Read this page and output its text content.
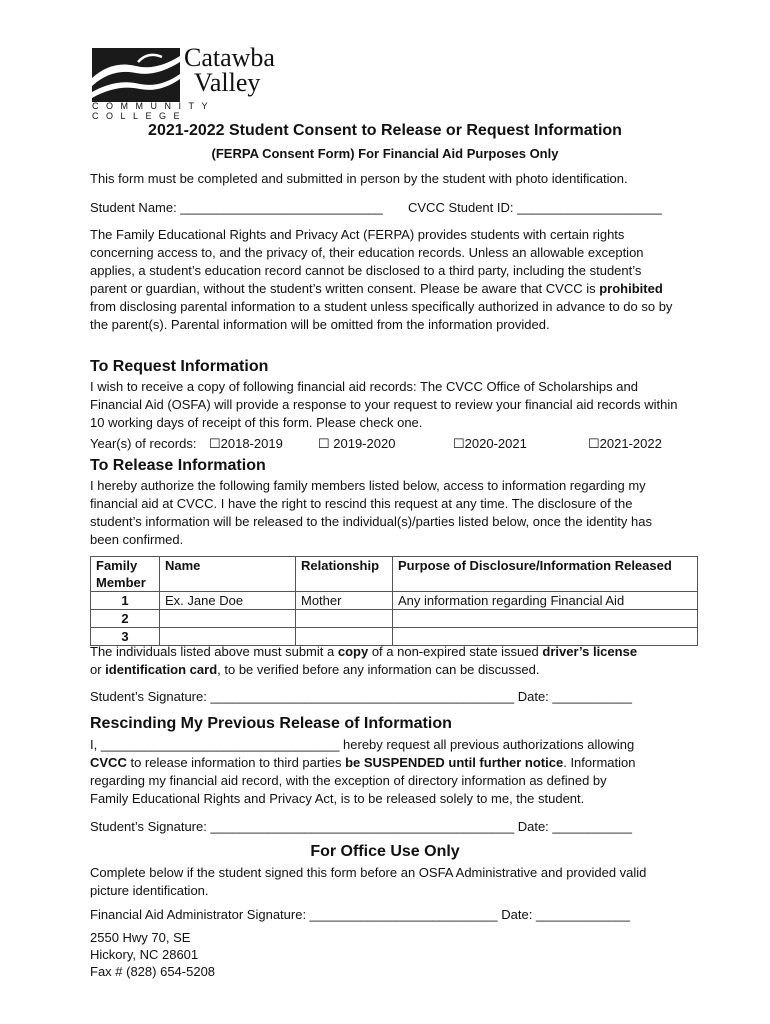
Catawba
Valley
COMMUNITY COLLEGE
2021-2022 Student Consent to Release or Request Information
(FERPA Consent Form) For Financial Aid Purposes Only
This form must be completed and submitted in person by the student with photo identification.
Student Name: ____________________________ CVCC Student ID: ____________________
The Family Educational Rights and Privacy Act (FERPA) provides students with certain rights concerning access to, and the privacy of, their education records. Unless an allowable exception applies, a student’s education record cannot be disclosed to a third party, including the student’s parent or guardian, without the student’s written consent. Please be aware that CVCC is prohibited from disclosing parental information to a student unless specifically authorized in advance to do so by the parent(s). Parental information will be omitted from the information provided.
To Request Information
I wish to receive a copy of following financial aid records: The CVCC Office of Scholarships and Financial Aid (OSFA) will provide a response to your request to review your financial aid records within 10 working days of receipt of this form. Please check one.
Year(s) of records: ☐2018-2019	☐ 2019-2020	☐2020-2021	☐2021-2022
To Release Information
I hereby authorize the following family members listed below, access to information regarding my financial aid at CVCC. I have the right to rescind this request at any time. The disclosure of the student’s information will be released to the individual(s)/parties listed below, once the identity has been confirmed.
Family Member	Name	Relationship	Purpose of Disclosure/Information Released
1	Ex. Jane Doe	Mother	Any information regarding Financial Aid
2			
3			
The individuals listed above must submit a copy of a non-expired state issued driver’s license
or identification card, to be verified before any information can be discussed.
Student’s Signature: __________________________________________ Date: ___________
Rescinding My Previous Release of Information
I, _________________________________ hereby request all previous authorizations allowing
CVCC to release information to third parties be SUSPENDED until further notice. Information
regarding my financial aid record, with the exception of directory information as defined by
Family Educational Rights and Privacy Act, is to be released solely to me, the student.
Student’s Signature: __________________________________________ Date: ___________
For Office Use Only
Complete below if the student signed this form before an OSFA Administrative and provided valid picture identification.
Financial Aid Administrator Signature: __________________________ Date: _____________
2550 Hwy 70, SE
Hickory, NC 28601
Fax # (828) 654-5208
